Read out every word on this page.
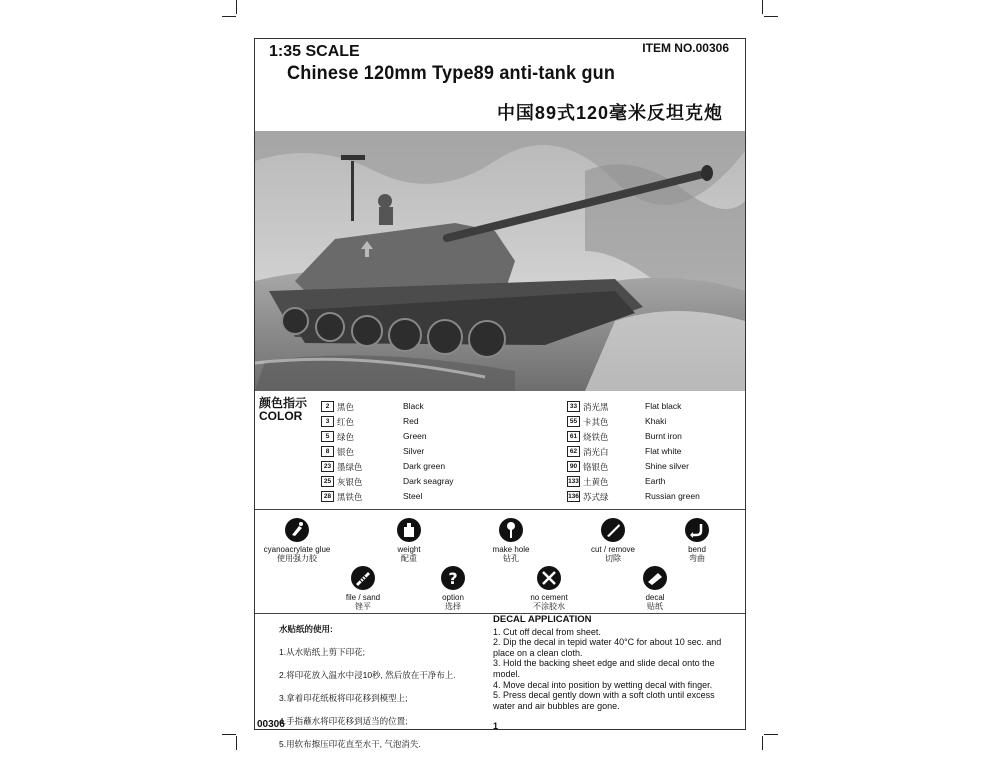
1:35 SCALE	ITEM NO.00306
Chinese 120mm Type89 anti-tank gun
中国89式120毫米反坦克炮
颜色指示
COLOR
2 黑色	Black
3 红色	Red
5 绿色	Green
8 银色	Silver
23 墨绿色	Dark green
25 灰银色	Dark seagray
28 黑铁色	Steel
33 消光黑	Flat black
55 卡其色	Khaki
61 烧铁色	Burnt iron
62 消光白	Flat white
90 铬银色	Shine silver
133 土黄色	Earth
136 苏式绿	Russian green
cyanoacrylate glue
使用强力胶
weight
配重
make hole
钻孔
cut / remove
切除
bend
弯曲
file / sand
锉平
?
option
选择
no cement
不涂胶水
decal
贴纸
水贴纸的使用:
1.从水贴纸上剪下印花;
2.将印花放入温水中浸10秒, 然后放在干净布上.
3.拿着印花纸板将印花移到模型上;
4.手指蘸水将印花移到适当的位置;
5.用软布擦压印花直至水干, 气泡消失.
DECAL APPLICATION
1. Cut off decal from sheet.
2. Dip the decal in tepid water 40°C for about 10 sec. and place on a clean cloth.
3. Hold the backing sheet edge and slide decal onto the model.
4. Move decal into position by wetting decal with finger.
5. Press decal gently down with a soft cloth until excess water and air bubbles are gone.
00306	1
